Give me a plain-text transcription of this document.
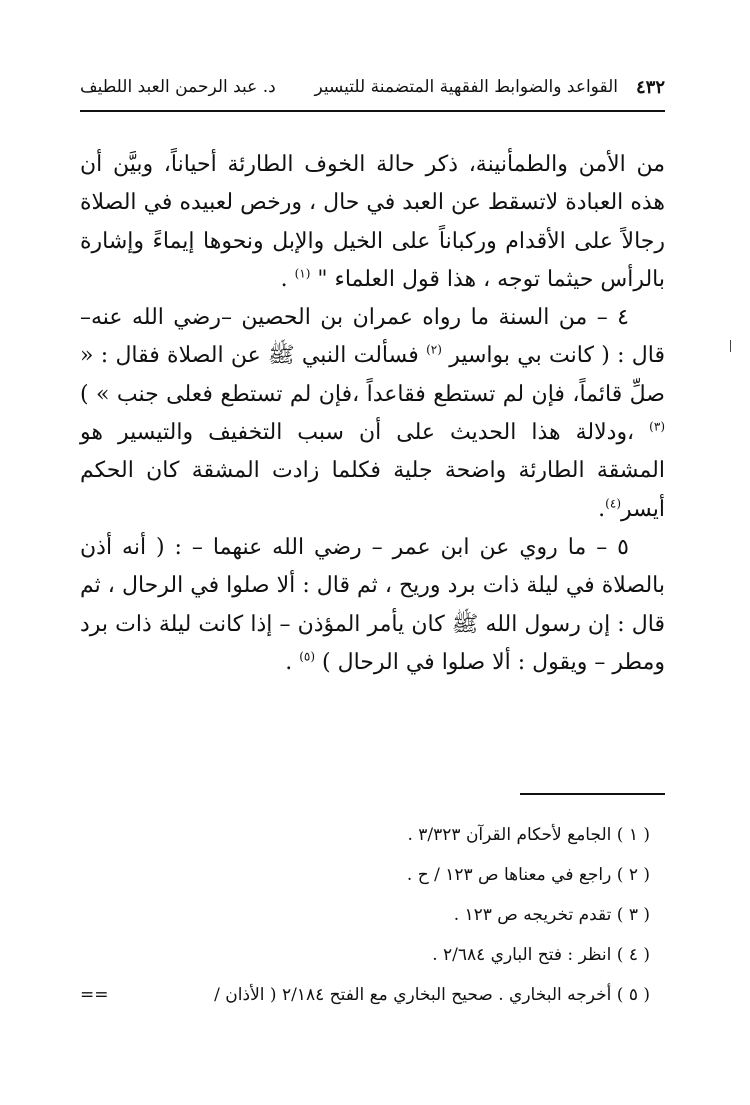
٤٣٢
القواعد والضوابط الفقهية المتضمنة للتيسير
د. عبد الرحمن العبد اللطيف

من الأمن والطمأنينة، ذكر حالة الخوف الطارئة أحياناً، وبيَّن أن هذه العبادة لاتسقط عن العبد في حال ، ورخص لعبيده في الصلاة رجالاً على الأقدام وركباناً على الخيل والإبل ونحوها إيماءً وإشارة بالرأس حيثما توجه ، هذا قول العلماء " $^{(١)}$ .

٤ – من السنة ما رواه عمران بن الحصين –رضي الله عنه– قال : ( كانت بي بواسير $^{(٢)}$ فسألت النبي ﷺ عن الصلاة فقال : « صلِّ قائماً، فإن لم تستطع فقاعداً ،فإن لم تستطع فعلى جنب » )$^{(٣)}$ ،ودلالة هذا الحديث على أن سبب التخفيف والتيسير هو المشقة الطارئة واضحة جلية فكلما زادت المشقة كان الحكم أيسر$^{(٤)}$.

٥ – ما روي عن ابن عمر – رضي الله عنهما – : ( أنه أذن بالصلاة في ليلة ذات برد وريح ، ثم قال : ألا صلوا في الرحال ، ثم قال : إن رسول الله ﷺ كان يأمر المؤذن – إذا كانت ليلة ذات برد ومطر – ويقول : ألا صلوا في الرحال ) $^{(٥)}$ .

( ١ ) الجامع لأحكام القرآن ٣/٣٢٣ .
( ٢ ) راجع في معناها ص ١٢٣ / ح .
( ٣ ) تقدم تخريجه ص ١٢٣ .
( ٤ ) انظر : فتح الباري ٢/٦٨٤ .
( ٥ )

أخرجه البخاري . صحيح البخاري مع الفتح ٢/١٨٤ ( الأذان /
==
